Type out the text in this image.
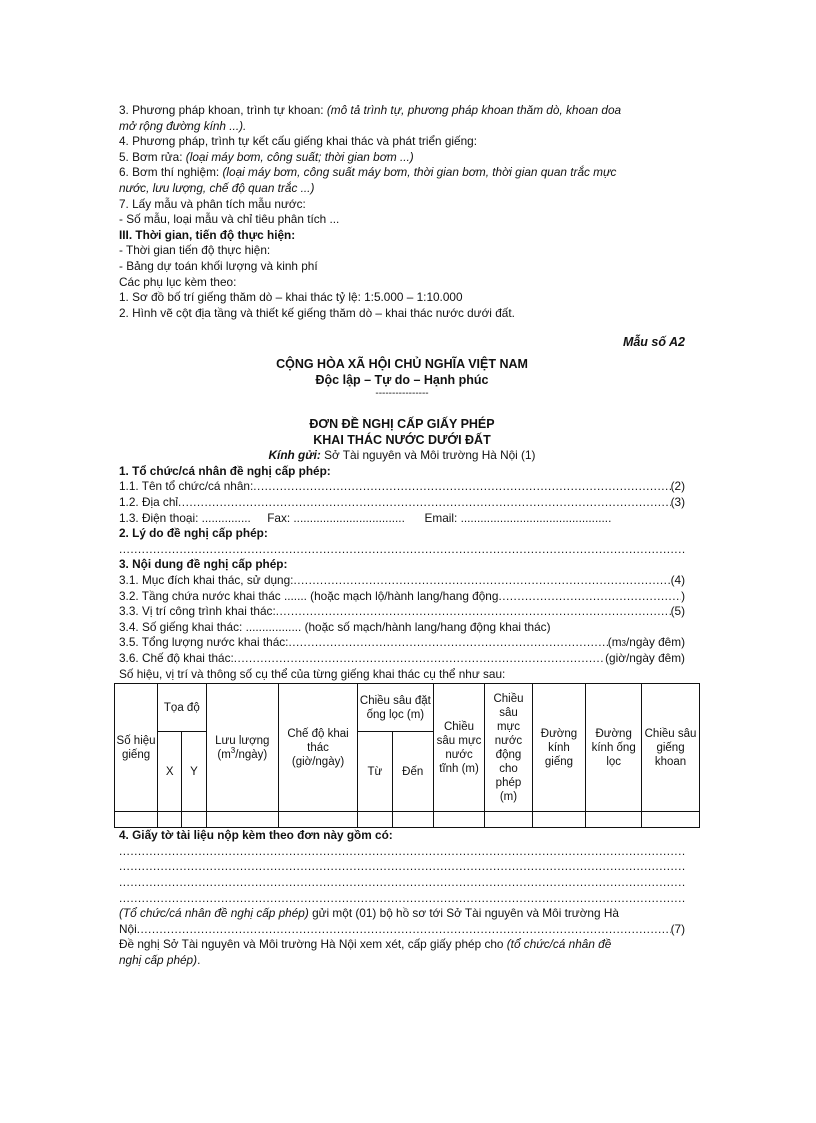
3. Phương pháp khoan, trình tự khoan: (mô tả trình tự, phương pháp khoan thăm dò, khoan doa
mở rộng đường kính ...).
4. Phương pháp, trình tự kết cấu giếng khai thác và phát triển giếng:
5. Bơm rửa: (loại máy bơm, công suất; thời gian bơm ...)
6. Bơm thí nghiệm: (loại máy bơm, công suất máy bơm, thời gian bơm, thời gian quan trắc mực
nước, lưu lượng, chế độ quan trắc ...)
7. Lấy mẫu và phân tích mẫu nước:
- Số mẫu, loại mẫu và chỉ tiêu phân tích ...
III. Thời gian, tiến độ thực hiện:
- Thời gian tiến độ thực hiện:
- Bảng dự toán khối lượng và kinh phí
Các phụ lục kèm theo:
1. Sơ đồ bố trí giếng thăm dò – khai thác tỷ lệ: 1:5.000 – 1:10.000
2. Hình vẽ cột địa tầng và thiết kế giếng thăm dò – khai thác nước dưới đất.
Mẫu số A2
CỘNG HÒA XÃ HỘI CHỦ NGHĨA VIỆT NAM
Độc lập – Tự do – Hạnh phúc
----------------
ĐƠN ĐỀ NGHỊ CẤP GIẤY PHÉP
KHAI THÁC NƯỚC DƯỚI ĐẤT
Kính gửi: Sở Tài nguyên và Môi trường Hà Nội (1)
1. Tổ chức/cá nhân đề nghị cấp phép:
1.1. Tên tổ chức/cá nhân: .....	(2)
1.2. Địa chỉ .....	(3)
1.3. Điện thoại: ............... Fax: .................................. Email: ..............................................
2. Lý do đề nghị cấp phép:
.....
3. Nội dung đề nghị cấp phép:
3.1. Mục đích khai thác, sử dụng: .....	(4)
3.2. Tầng chứa nước khai thác ....... (hoặc mạch lộ/hành lang/hang động .....	)
3.3. Vị trí công trình khai thác: .....	(5)
3.4. Số giếng khai thác: ................. (hoặc số mạch/hành lang/hang động khai thác)
3.5. Tổng lượng nước khai thác: .....	(m 3 /ngày đêm)
3.6. Chế độ khai thác: .....	(giờ/ngày đêm)
Số hiệu, vị trí và thông số cụ thể của từng giếng khai thác cụ thể như sau:
Số hiệu giếng	Tọa độ		Lưu lượng $(m^3/ngày)$	Chế độ khai thác (giờ/ngày)	Chiều sâu đặt ống lọc (m)		Chiều sâu mực nước tĩnh (m)	Chiều sâu mực nước động cho phép (m)	Đường kính giếng	Đường kính ống lọc	Chiều sâu giếng khoan
	X	Y			Từ	Đến					

4. Giấy tờ tài liệu nộp kèm theo đơn này gồm có:
.....
.....
.....
.....
(Tổ chức/cá nhân đề nghị cấp phép) gửi một (01) bộ hồ sơ tới Sở Tài nguyên và Môi trường Hà
Nội .....	(7)
Đề nghị Sở Tài nguyên và Môi trường Hà Nội xem xét, cấp giấy phép cho (tổ chức/cá nhân đề
nghị cấp phép).
